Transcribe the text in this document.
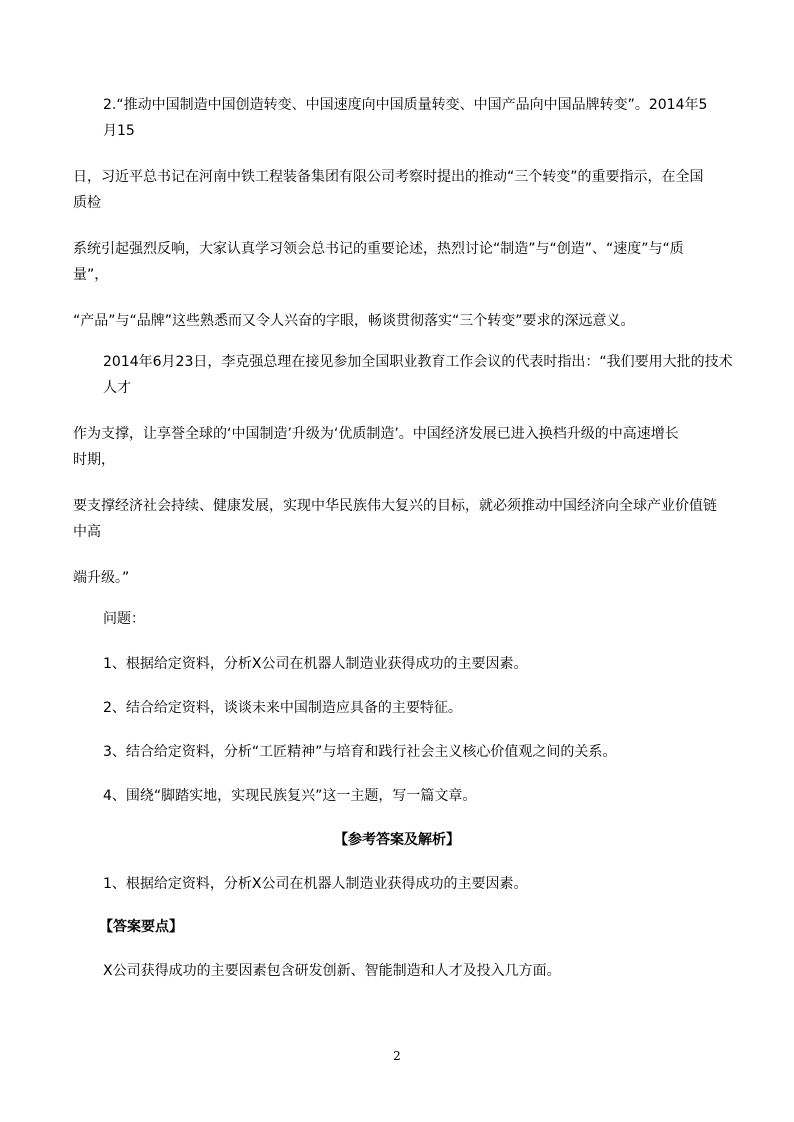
2.“推动中国制造中国创造转变、中国速度向中国质量转变、中国产品向中国品牌转变”。2014年5
月15
日，习近平总书记在河南中铁工程装备集团有限公司考察时提出的推动“三个转变”的重要指示，在全国
质检
系统引起强烈反响，大家认真学习领会总书记的重要论述，热烈讨论“制造”与“创造”、“速度”与“质
量”，
“产品”与“品牌”这些熟悉而又令人兴奋的字眼，畅谈贯彻落实“三个转变”要求的深远意义。
2014年6月23日，李克强总理在接见参加全国职业教育工作会议的代表时指出：“我们要用大批的技术
人才
作为支撑，让享誉全球的‘中国制造’升级为‘优质制造’。中国经济发展已进入换档升级的中高速增长
时期，
要支撑经济社会持续、健康发展，实现中华民族伟大复兴的目标，就必须推动中国经济向全球产业价值链
中高
端升级。”
问题：
1、根据给定资料，分析X公司在机器人制造业获得成功的主要因素。
2、结合给定资料，谈谈未来中国制造应具备的主要特征。
3、结合给定资料，分析“工匠精神”与培育和践行社会主义核心价值观之间的关系。
4、围绕“脚踏实地，实现民族复兴”这一主题，写一篇文章。
【参考答案及解析】
1、根据给定资料，分析X公司在机器人制造业获得成功的主要因素。
【答案要点】
X公司获得成功的主要因素包含研发创新、智能制造和人才及投入几方面。
2
